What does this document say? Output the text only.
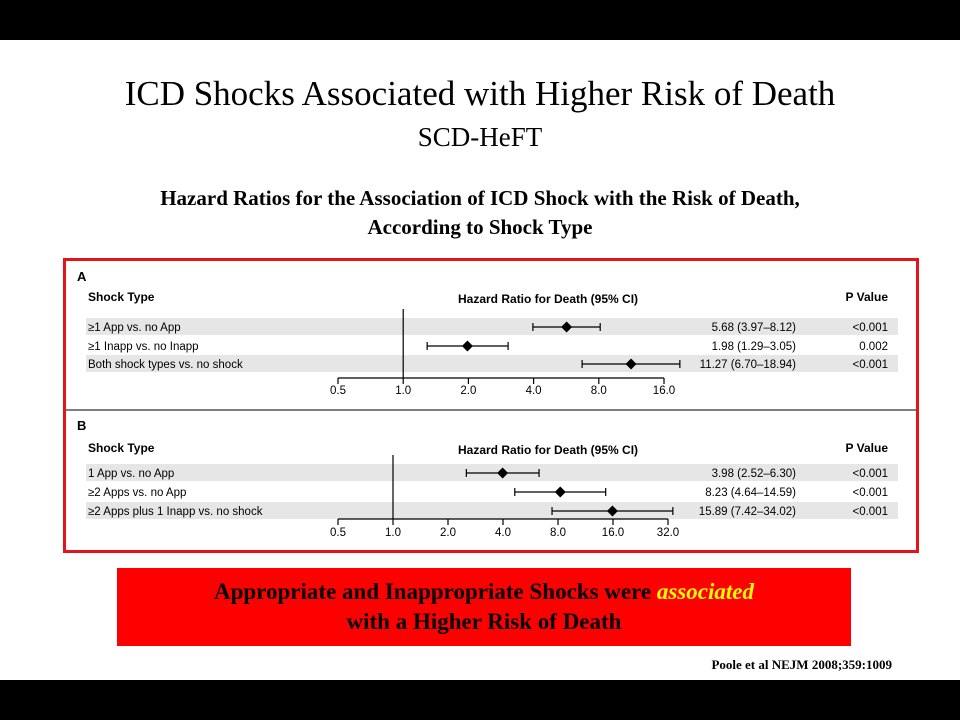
ICD Shocks Associated with Higher Risk of Death
SCD-HeFT
Hazard Ratios for the Association of ICD Shock with the Risk of Death,
According to Shock Type
A
Shock Type	Hazard Ratio for Death (95% CI)	P Value
≥1 App vs. no App	5.68 (3.97–8.12)	<0.001
≥1 Inapp vs. no Inapp	1.98 (1.29–3.05)	0.002
Both shock types vs. no shock	11.27 (6.70–18.94)	<0.001
0.5	1.0	2.0	4.0	8.0	16.0
B
Shock Type	Hazard Ratio for Death (95% CI)	P Value
1 App vs. no App	3.98 (2.52–6.30)	<0.001
≥2 Apps vs. no App	8.23 (4.64–14.59)	<0.001
≥2 Apps plus 1 Inapp vs. no shock	15.89 (7.42–34.02)	<0.001
0.5	1.0	2.0	4.0	8.0	16.0	32.0
Appropriate and Inappropriate Shocks were associated
with a Higher Risk of Death
Poole et al NEJM 2008;359:1009
